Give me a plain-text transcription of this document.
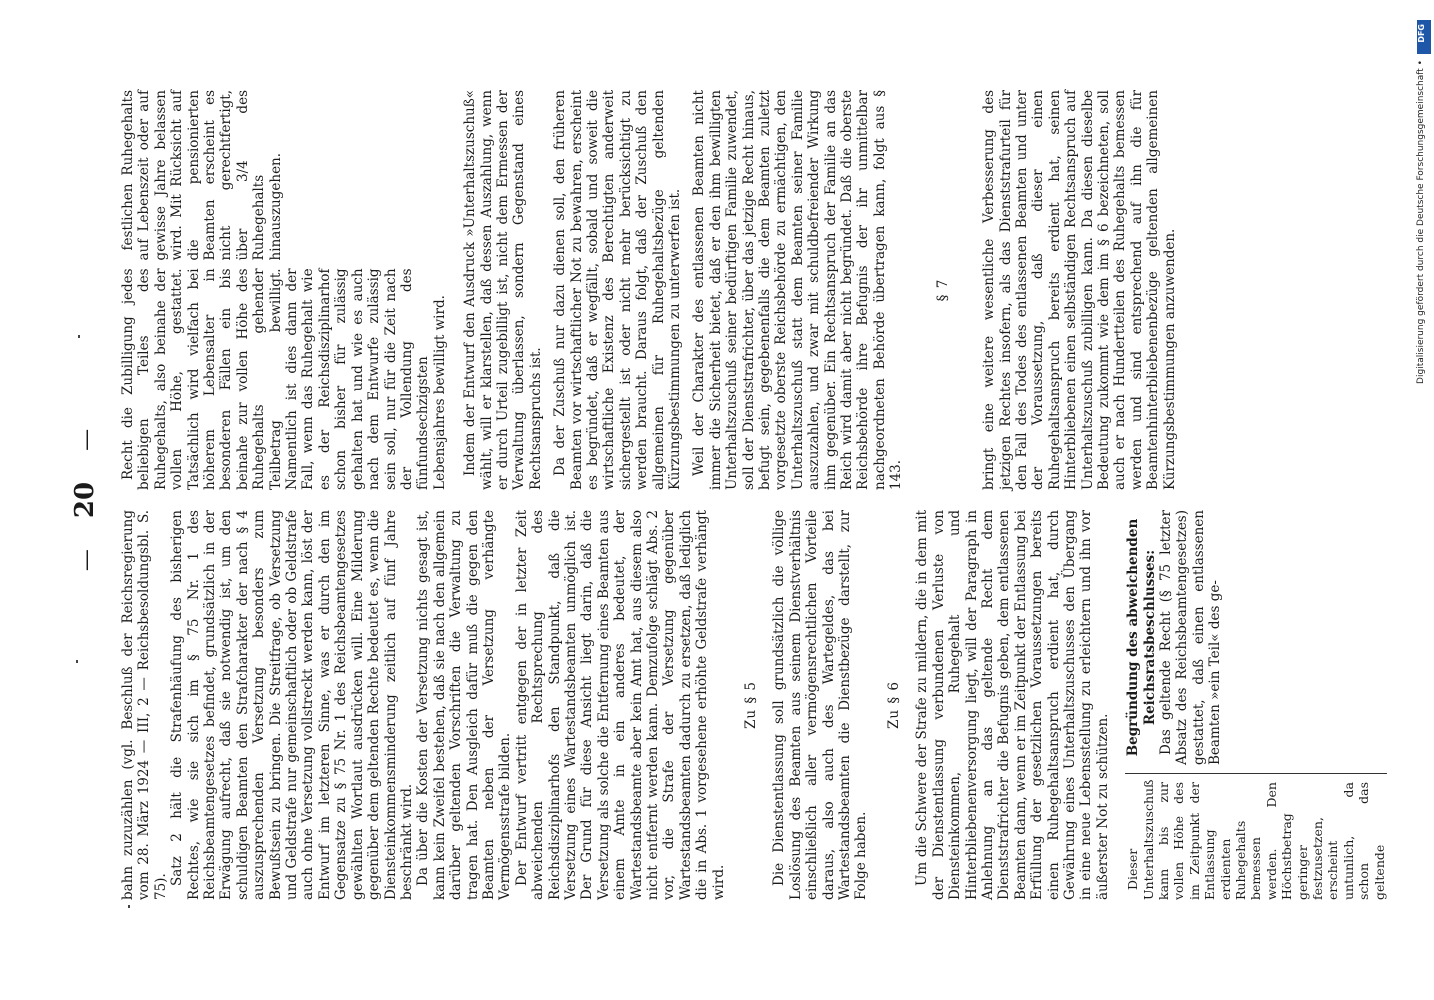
— 20 —

bahn zuzuzählen (vgl. Beschluß der Reichsregierung vom 28. März 1924 — III, 2 — Reichsbesoldungsbl. S. 75).

Satz 2 hält die Strafenhäufung des bisherigen Rechtes, wie sie sich im § 75 Nr. 1 des Reichsbeamtengesetzes befindet, grundsätzlich in der Erwägung aufrecht, daß sie notwendig ist, um den schuldigen Beamten den Strafcharakter der nach § 4 auszusprechenden Versetzung besonders zum Bewußtsein zu bringen. Die Streitfrage, ob Versetzung und Geldstrafe nur gemeinschaftlich oder ob Geldstrafe auch ohne Versetzung vollstreckt werden kann, löst der Entwurf im letzteren Sinne, was er durch den im Gegensatze zu § 75 Nr. 1 des Reichsbeamtengesetzes gewählten Wortlaut ausdrücken will. Eine Milderung gegenüber dem geltenden Rechte bedeutet es, wenn die Diensteinkommensminderung zeitlich auf fünf Jahre beschränkt wird. Da über die Kosten der Versetzung nichts gesagt ist, kann kein Zweifel bestehen, daß sie nach den allgemein darüber geltenden Vorschriften die Verwaltung zu tragen hat. Den Ausgleich dafür muß die gegen den Beamten neben der Versetzung verhängte Vermögensstrafe bilden. Der Entwurf vertritt entgegen der in letzter Zeit abweichenden Rechtsprechung des Reichsdisziplinarhofs den Standpunkt, daß die Versetzung eines Wartestandsbeamten unmöglich ist. Der Grund für diese Ansicht liegt darin, daß die Versetzung als solche die Entfernung eines Beamten aus einem Amte in ein anderes bedeutet, der Wartestandsbeamte aber kein Amt hat, aus diesem also nicht entfernt werden kann. Demzufolge schlägt Abs. 2 vor, die Strafe der Versetzung gegenüber Wartestandsbeamten dadurch zu ersetzen, daß lediglich die in Abs. 1 vorgesehene erhöhte Geldstrafe verhängt wird.

Zu § 5 Die Dienstentlassung soll grundsätzlich die völlige Loslösung des Beamten aus seinem Dienstverhältnis einschließlich aller vermögensrechtlichen Vorteile daraus, also auch des Wartegeldes, das bei Wartestandsbeamten die Dienstbezüge darstellt, zur Folge haben.

Zu § 6 Um die Schwere der Strafe zu mildern, die in dem mit der Dienstentlassung verbundenen Verluste von Diensteinkommen, Ruhegehalt und Hinterbliebenenversorgung liegt, will der Paragraph in Anlehnung an das geltende Recht dem Dienststrafrichter die Befugnis geben, dem entlassenen Beamten dann, wenn er im Zeitpunkt der Entlassung bei Erfüllung der gesetzlichen Voraussetzungen bereits einen Ruhegehaltsanspruch erdient hat, durch Gewährung eines Unterhaltszuschusses den Übergang in eine neue Lebensstellung zu erleichtern und ihn vor äußerster Not zu schützen. Dieser Unterhaltszuschuß kann bis zur vollen Höhe des im Zeitpunkt der Entlassung erdienten Ruhegehalts bemessen werden. Den Höchstbetrag geringer festzusetzen, erscheint untunlich, da schon das geltende

Begründung des abweichenden Reichsratsbeschlusses: Das geltende Recht (§ 75 letzter Absatz des Reichsbeamtengesetzes) gestattet, daß einen entlassenen Beamten »ein Teil« des ge-

Recht die Zubilligung jedes beliebigen Teiles des Ruhegehalts, also beinahe der vollen Höhe, gestattet. Tatsächlich wird vielfach bei höherem Lebensalter in besonderen Fällen ein bis beinahe zur vollen Höhe des Ruhegehalts gehender Teilbetrag bewilligt. Namentlich ist dies dann der Fall, wenn das Ruhegehalt wie es der Reichsdisziplinarhof schon bisher für zulässig gehalten hat und wie es auch nach dem Entwurfe zulässig sein soll, nur für die Zeit nach der Vollendung des fünfundsechzigsten Lebensjahres bewilligt wird.

festlichen Ruhegehalts auf Lebenszeit oder auf gewisse Jahre belassen wird. Mit Rücksicht auf die pensionierten Beamten erscheint es nicht gerechtfertigt, über 3/4 des Ruhegehalts hinauszugehen.	Indem der Entwurf den Ausdruck »Unterhaltszuschuß« wählt, will er klarstellen, daß dessen Auszahlung, wenn er durch Urteil zugebilligt ist, nicht dem Ermessen der Verwaltung überlassen, sondern Gegenstand eines Rechtsanspruchs ist. Da der Zuschuß nur dazu dienen soll, den früheren Beamten vor wirtschaftlicher Not zu bewahren, erscheint es begründet, daß er wegfällt, sobald und soweit die wirtschaftliche Existenz des Berechtigten anderweit sichergestellt ist oder nicht mehr berücksichtigt zu werden braucht. Daraus folgt, daß der Zuschuß den allgemeinen für Ruhegehaltsbezüge geltenden Kürzungsbestimmungen zu unterwerfen ist. Weil der Charakter des entlassenen Beamten nicht immer die Sicherheit bietet, daß er den ihm bewilligten Unterhaltszuschuß seiner bedürftigen Familie zuwendet, soll der Dienststrafrichter, über das jetzige Recht hinaus, befugt sein, gegebenenfalls die dem Beamten zuletzt vorgesetzte oberste Reichsbehörde zu ermächtigen, den Unterhaltszuschuß statt dem Beamten seiner Familie auszuzahlen, und zwar mit schuldbefreiender Wirkung ihm gegenüber. Ein Rechtsanspruch der Familie an das Reich wird damit aber nicht begründet. Daß die oberste Reichsbehörde ihre Befugnis der ihr unmittelbar nachgeordneten Behörde übertragen kann, folgt aus § 143.

§ 7 bringt eine weitere wesentliche Verbesserung des jetzigen Rechtes insofern, als das Dienststrafurteil für den Fall des Todes des entlassenen Beamten und unter der Voraussetzung, daß dieser einen Ruhegehaltsanspruch bereits erdient hat, seinen Hinterbliebenen einen selbständigen Rechtsanspruch auf Unterhaltszuschuß zubilligen kann. Da diesen dieselbe Bedeutung zukommt wie dem im § 6 bezeichneten, soll auch er nach Hundertteilen des Ruhegehalts bemessen werden und sind entsprechend auf ihn die für Beamtenhinterbliebenenbezüge geltenden allgemeinen Kürzungsbestimmungen anzuwenden.

DFG
Digitalisierung gefördert durch die Deutsche Forschungsgemeinschaft •
